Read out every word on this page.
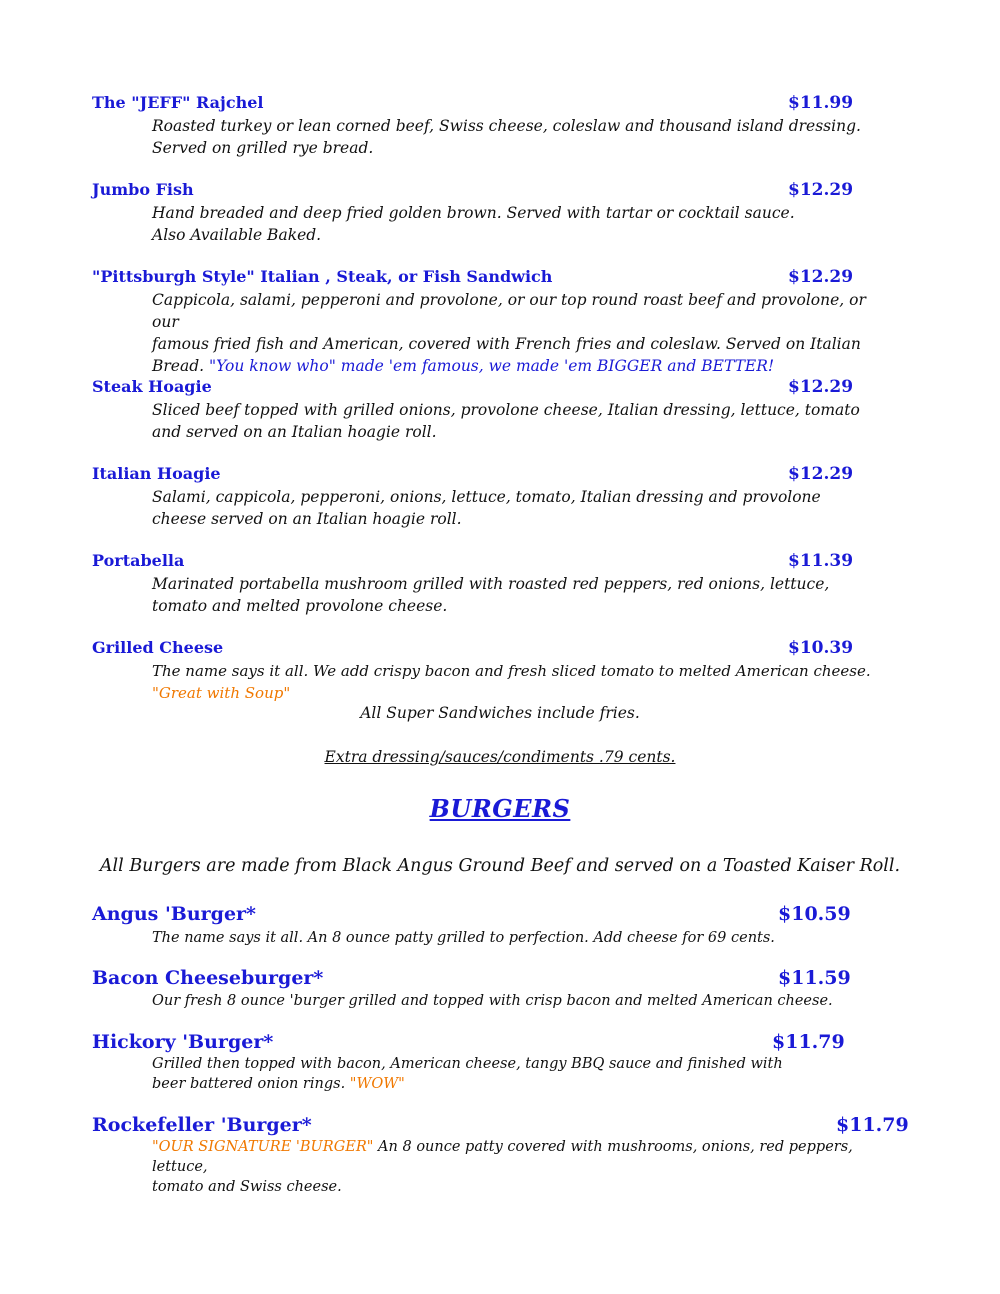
The "JEFF" Rajchel	$11.99
Roasted turkey or lean corned beef, Swiss cheese, coleslaw and thousand island dressing.
Served on grilled rye bread.
Jumbo Fish	$12.29
Hand breaded and deep fried golden brown. Served with tartar or cocktail sauce.
Also Available Baked.
"Pittsburgh Style" Italian , Steak, or Fish Sandwich	$12.29
Cappicola, salami, pepperoni and provolone, or our top round roast beef and provolone, or our
famous fried fish and American, covered with French fries and coleslaw. Served on Italian
Bread. "You know who" made 'em famous, we made 'em BIGGER and BETTER!
Steak Hoagie	$12.29
Sliced beef topped with grilled onions, provolone cheese, Italian dressing, lettuce, tomato
and served on an Italian hoagie roll.
Italian Hoagie	$12.29
Salami, cappicola, pepperoni, onions, lettuce, tomato, Italian dressing and provolone
cheese served on an Italian hoagie roll.
Portabella	$11.39
Marinated portabella mushroom grilled with roasted red peppers, red onions, lettuce,
tomato and melted provolone cheese.
Grilled Cheese	$10.39
The name says it all. We add crispy bacon and fresh sliced tomato to melted American cheese.
"Great with Soup"
All Super Sandwiches include fries.
Extra dressing/sauces/condiments .79 cents.
BURGERS
All Burgers are made from Black Angus Ground Beef and served on a Toasted Kaiser Roll.
Angus 'Burger*	$10.59
The name says it all. An 8 ounce patty grilled to perfection. Add cheese for 69 cents.
Bacon Cheeseburger*	$11.59
Our fresh 8 ounce 'burger grilled and topped with crisp bacon and melted American cheese.
Hickory 'Burger*	$11.79
Grilled then topped with bacon, American cheese, tangy BBQ sauce and finished with
beer battered onion rings. "WOW"
Rockefeller 'Burger*	$11.79
"OUR SIGNATURE 'BURGER" An 8 ounce patty covered with mushrooms, onions, red peppers, lettuce,
tomato and Swiss cheese.
